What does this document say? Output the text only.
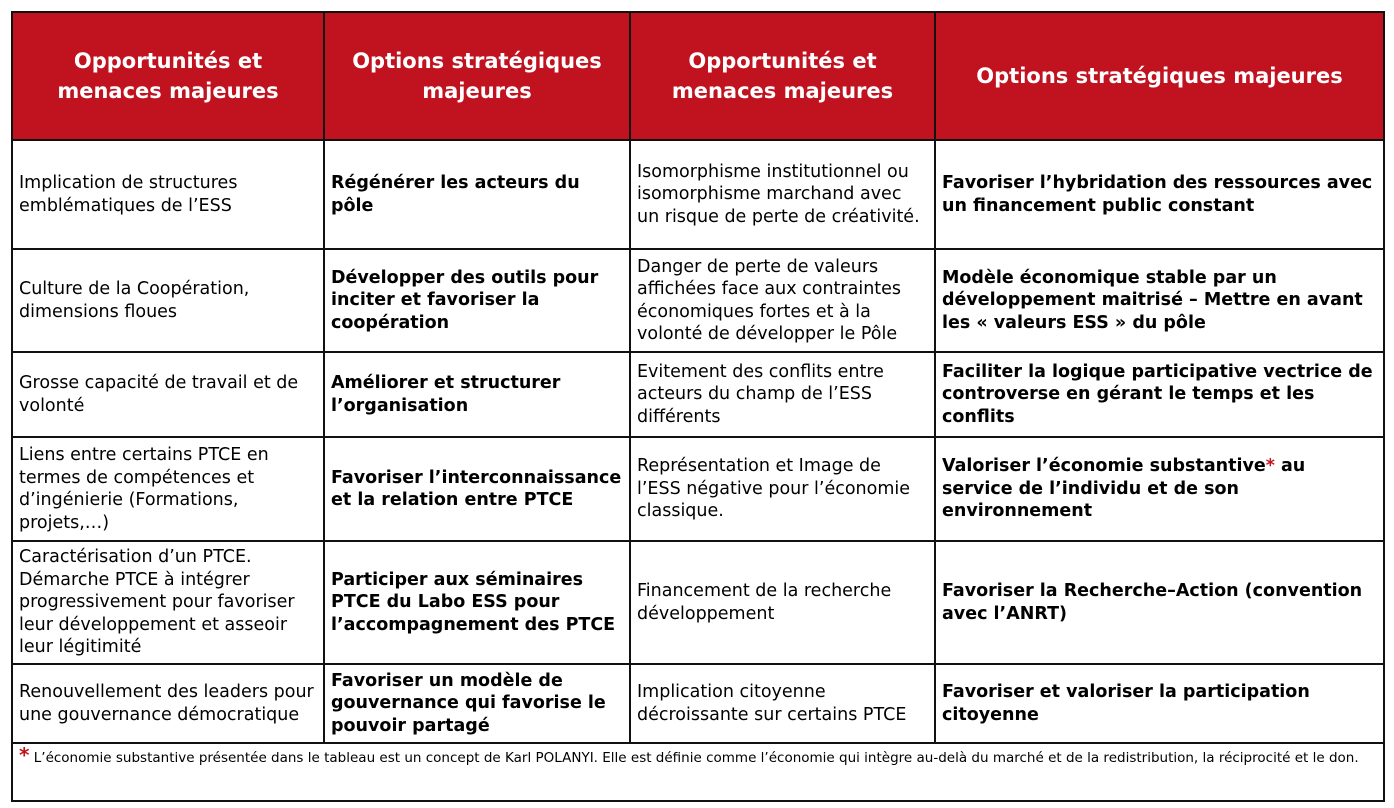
Opportunités et menaces majeures	Options stratégiques majeures	Opportunités et menaces majeures	Options stratégiques majeures
Implication de structures emblématiques de l’ESS	Régénérer les acteurs du pôle	Isomorphisme institutionnel ou isomorphisme marchand avec un risque de perte de créativité.	Favoriser l’hybridation des ressources avec un financement public constant
Culture de la Coopération, dimensions floues	Développer des outils pour inciter et favoriser la coopération	Danger de perte de valeurs affichées face aux contraintes économiques fortes et à la volonté de développer le Pôle	Modèle économique stable par un développement maitrisé – Mettre en avant les « valeurs ESS » du pôle
Grosse capacité de travail et de volonté	Améliorer et structurer l’organisation	Evitement des conflits entre acteurs du champ de l’ESS différents	Faciliter la logique participative vectrice de controverse en gérant le temps et les conflits
Liens entre certains PTCE en termes de compétences et d’ingénierie (Formations, projets,…)	Favoriser l’interconnaissance et la relation entre PTCE	Représentation et Image de l’ESS négative pour l’économie classique.	Valoriser l’économie substantive* au service de l’individu et de son environnement
Caractérisation d’un PTCE. Démarche PTCE à intégrer progressivement pour favoriser leur développement et asseoir leur légitimité	Participer aux séminaires PTCE du Labo ESS pour l’accompagnement des PTCE	Financement de la recherche développement	Favoriser la Recherche–Action (convention avec l’ANRT)
Renouvellement des leaders pour une gouvernance démocratique	Favoriser un modèle de gouvernance qui favorise le pouvoir partagé	Implication citoyenne décroissante sur certains PTCE	Favoriser et valoriser la participation citoyenne
* L’économie substantive présentée dans le tableau est un concept de Karl POLANYI. Elle est définie comme l’économie qui intègre au-delà du marché et de la redistribution, la réciprocité et le don.			
